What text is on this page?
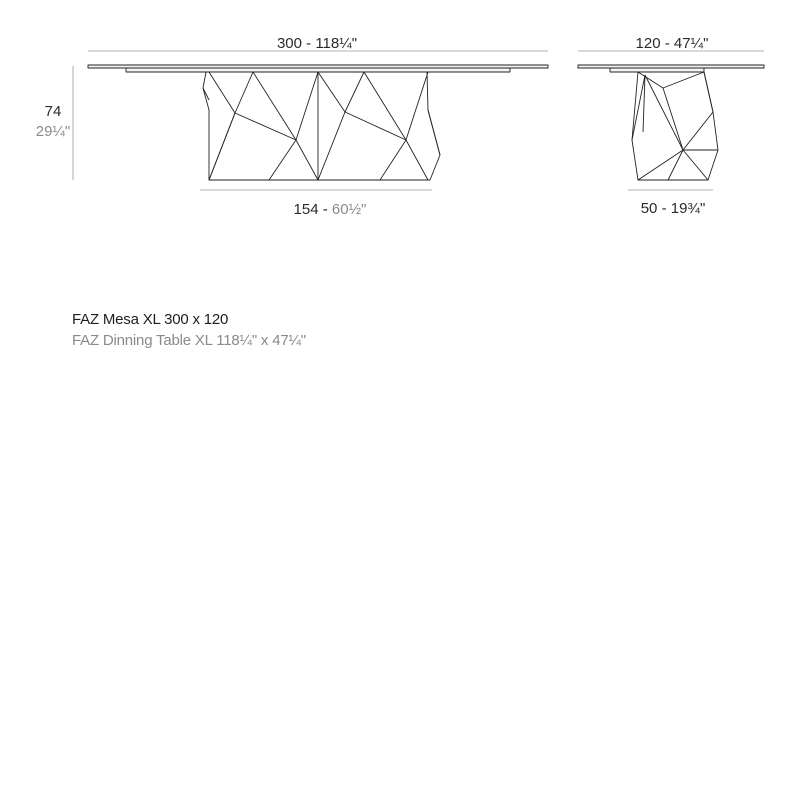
300 - 118¼"
74
29¼"
154 - 60½"
120 - 47¼"
50 - 19¾"

FAZ Mesa XL 300 x 120

FAZ Dinning Table XL 118¼" x 47¼"
